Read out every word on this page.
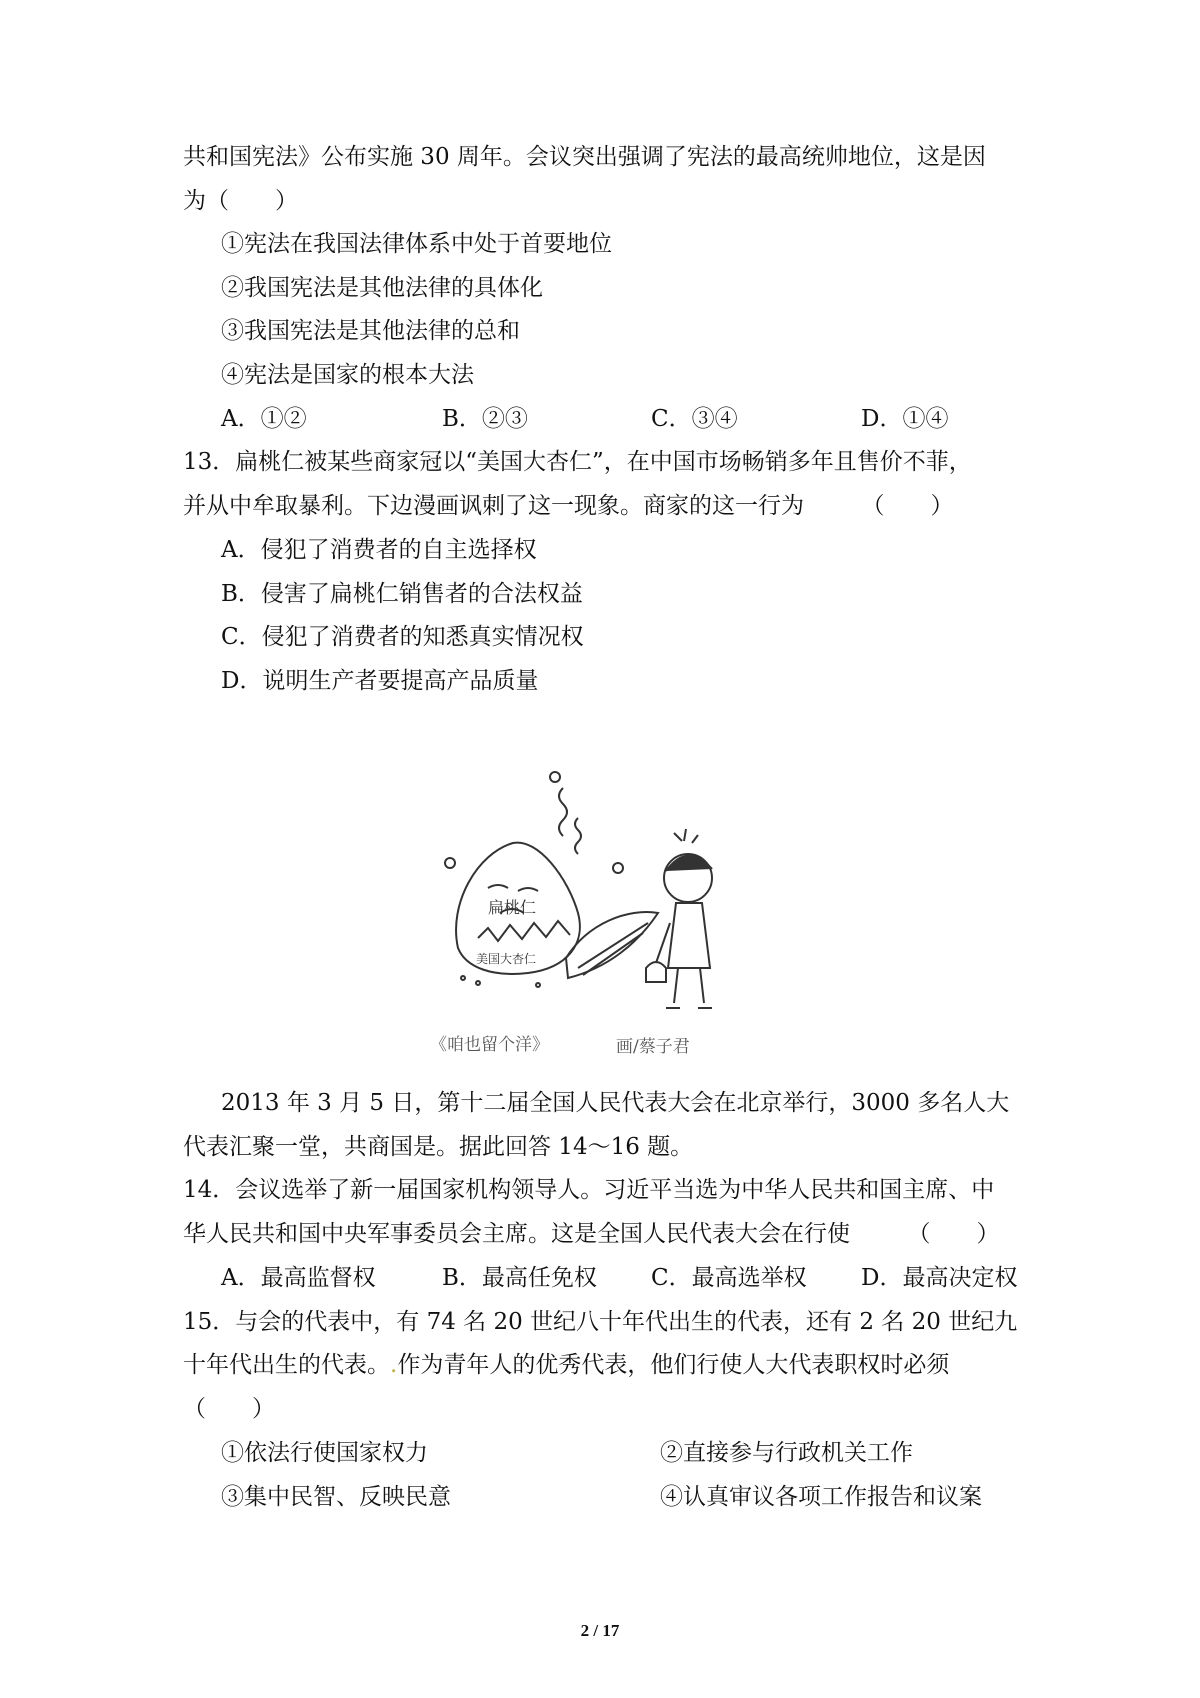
共和国宪法》公布实施 30 周年。会议突出强调了宪法的最高统帅地位，这是因
为（　　）
①宪法在我国法律体系中处于首要地位
②我国宪法是其他法律的具体化
③我国宪法是其他法律的总和
④宪法是国家的根本大法
A．①②	B．②③	C．③④	D．①④
13．扁桃仁被某些商家冠以“美国大杏仁”，在中国市场畅销多年且售价不菲，
并从中牟取暴利。下边漫画讽刺了这一现象。商家的这一行为　　　（　　）
A．侵犯了消费者的自主选择权
B．侵害了扁桃仁销售者的合法权益
C．侵犯了消费者的知悉真实情况权
D．说明生产者要提高产品质量
扁桃仁
美国大杏仁
《咱也留个洋》	画/蔡子君
2013 年 3 月 5 日，第十二届全国人民代表大会在北京举行，3000 多名人大
代表汇聚一堂，共商国是。据此回答 14～16 题。
14．会议选举了新一届国家机构领导人。习近平当选为中华人民共和国主席、中
华人民共和国中央军事委员会主席。这是全国人民代表大会在行使　　　（　　）
A．最高监督权	B．最高任免权 C．最高选举权 D．最高决定权
15．与会的代表中，有 74 名 20 世纪八十年代出生的代表，还有 2 名 20 世纪九
十年代出生的代表。.作为青年人的优秀代表，他们行使人大代表职权时必须
（　　）
①依法行使国家权力	②直接参与行政机关工作
③集中民智、反映民意	④认真审议各项工作报告和议案
2 / 17
